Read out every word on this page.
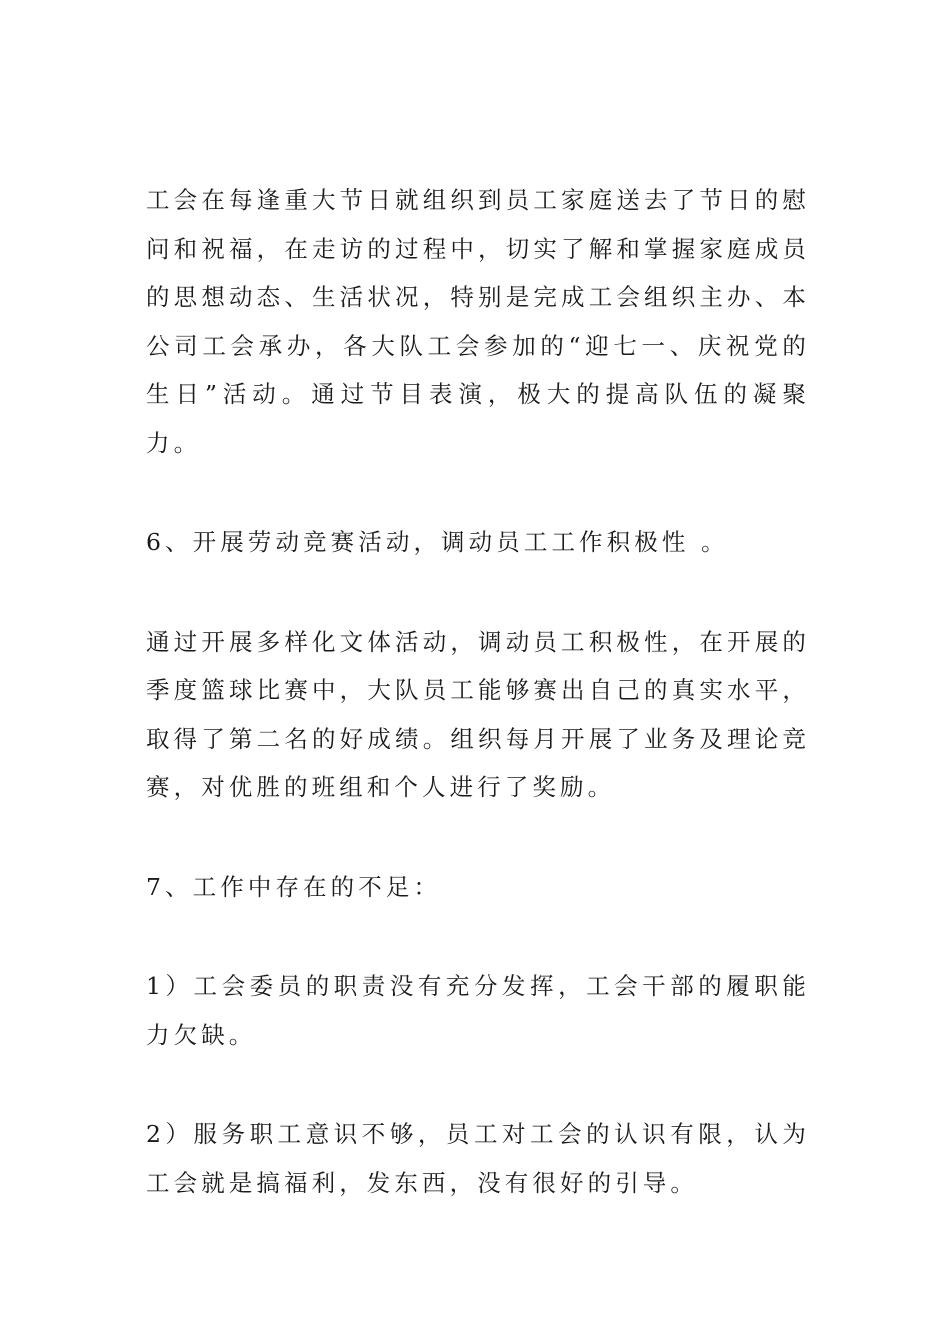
工会在每逢重大节日就组织到员工家庭送去了节日的慰问和祝福，在走访的过程中，切实了解和掌握家庭成员的思想动态、生活状况，特别是完成工会组织主办、本公司工会承办，各大队工会参加的“迎七一、庆祝党的生日”活动。通过节目表演，极大的提高队伍的凝聚力。

6、开展劳动竞赛活动，调动员工工作积极性 。

通过开展多样化文体活动，调动员工积极性，在开展的季度篮球比赛中，大队员工能够赛出自己的真实水平，取得了第二名的好成绩。组织每月开展了业务及理论竞赛，对优胜的班组和个人进行了奖励。

7、工作中存在的不足：

1）工会委员的职责没有充分发挥，工会干部的履职能力欠缺。

2）服务职工意识不够，员工对工会的认识有限，认为工会就是搞福利，发东西，没有很好的引导。
